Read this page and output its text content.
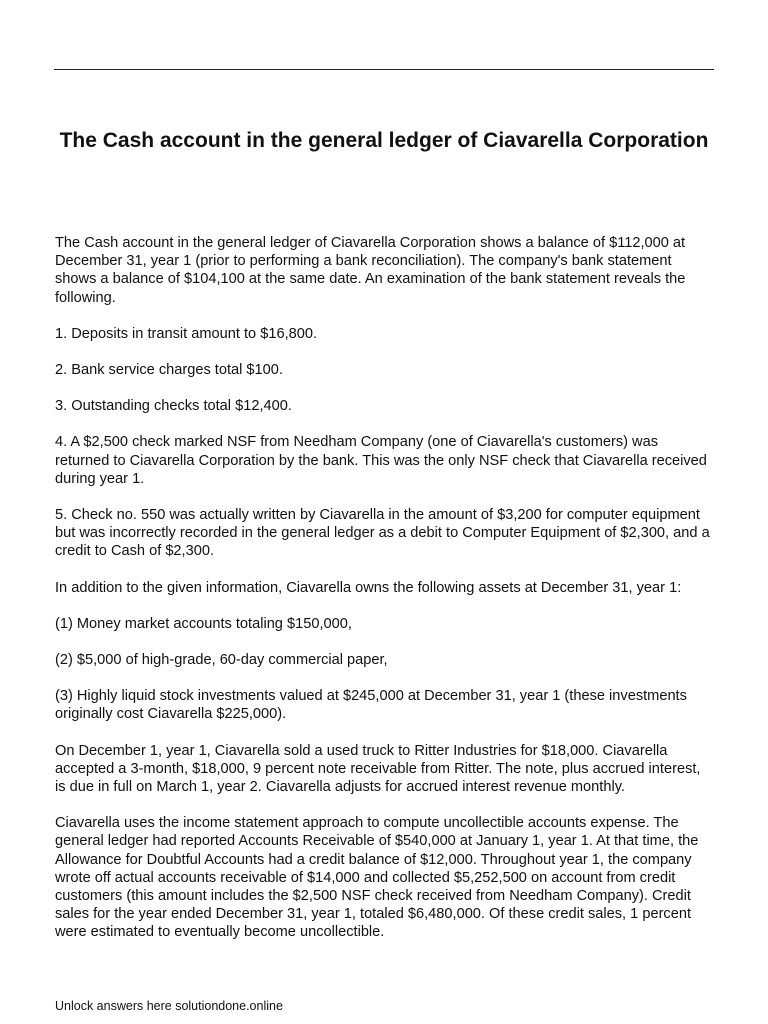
The Cash account in the general ledger of Ciavarella Corporation

The Cash account in the general ledger of Ciavarella Corporation shows a balance of $112,000 at December 31, year 1 (prior to performing a bank reconciliation). The company's bank statement shows a balance of $104,100 at the same date. An examination of the bank statement reveals the following.

1. Deposits in transit amount to $16,800.

2. Bank service charges total $100.

3. Outstanding checks total $12,400.

4. A $2,500 check marked NSF from Needham Company (one of Ciavarella's customers) was returned to Ciavarella Corporation by the bank. This was the only NSF check that Ciavarella received during year 1.

5. Check no. 550 was actually written by Ciavarella in the amount of $3,200 for computer equipment but was incorrectly recorded in the general ledger as a debit to Computer Equipment of $2,300, and a credit to Cash of $2,300.

In addition to the given information, Ciavarella owns the following assets at December 31, year 1:

(1) Money market accounts totaling $150,000,

(2) $5,000 of high-grade, 60-day commercial paper,

(3) Highly liquid stock investments valued at $245,000 at December 31, year 1 (these investments originally cost Ciavarella $225,000).

On December 1, year 1, Ciavarella sold a used truck to Ritter Industries for $18,000. Ciavarella accepted a 3-month, $18,000, 9 percent note receivable from Ritter. The note, plus accrued interest, is due in full on March 1, year 2. Ciavarella adjusts for accrued interest revenue monthly.

Ciavarella uses the income statement approach to compute uncollectible accounts expense. The general ledger had reported Accounts Receivable of $540,000 at January 1, year 1. At that time, the Allowance for Doubtful Accounts had a credit balance of $12,000. Throughout year 1, the company wrote off actual accounts receivable of $14,000 and collected $5,252,500 on account from credit customers (this amount includes the $2,500 NSF check received from Needham Company). Credit sales for the year ended December 31, year 1, totaled $6,480,000. Of these credit sales, 1 percent were estimated to eventually become uncollectible.

Unlock answers here solutiondone.online
